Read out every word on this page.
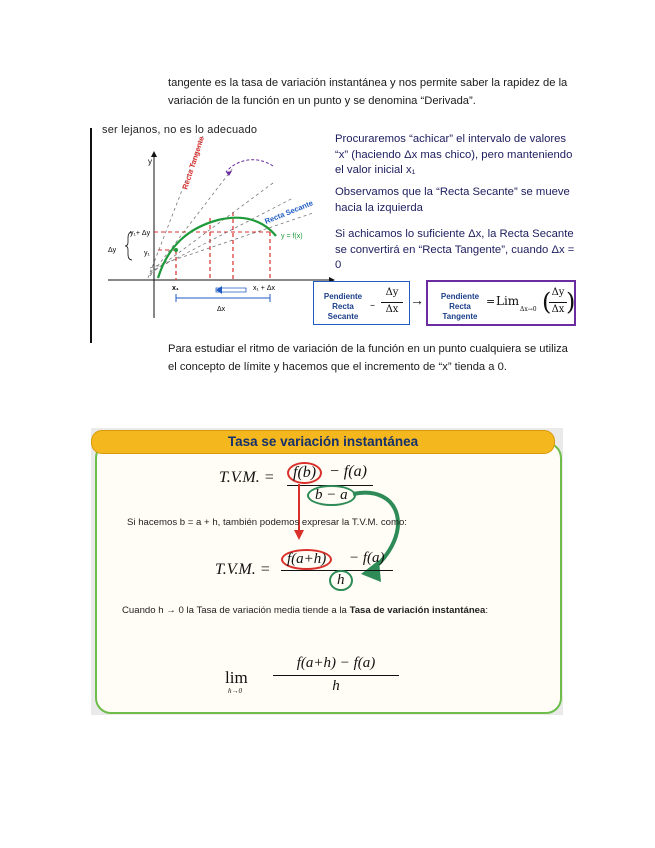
tangente es la tasa de variación instantánea y nos permite saber la rapidez de la variación de la función en un punto y se denomina “Derivada”.
ser lejanos, no es lo adecuado
y	Recta Tangente
Recta Secante
y = f(x)
y₁+ Δy
Δy	y₁
x₁	x₁ + Δx
Δx
Procuraremos “achicar” el intervalo de valores “x” (haciendo Δx mas chico), pero manteniendo el valor inicial x₁
Observamos que la “Recta Secante” se mueve hacia la izquierda
Si achicamos lo suficiente Δx, la Recta Secante se convertirá en “Recta Tangente”, cuando Δx = 0
Pendiente Recta Secante
–
Δy
Δx
→	Pendiente Recta Tangente
= Lim
Δx→0 ( Δy
Δx )
Para estudiar el ritmo de variación de la función en un punto cualquiera se utiliza el concepto de límite y hacemos que el incremento de “x” tienda a 0.
Tasa se variación instantánea
T.V.M. =	f(b) − f(a)
b − a
Si hacemos b = a + h, también podemos expresar la T.V.M. como:
T.V.M. =
f(a+h)	− f(a)
h
Cuando h → 0 la Tasa de variación media tiende a la Tasa de variación instantánea:
lim
h→0
f(a+h) − f(a)
h
